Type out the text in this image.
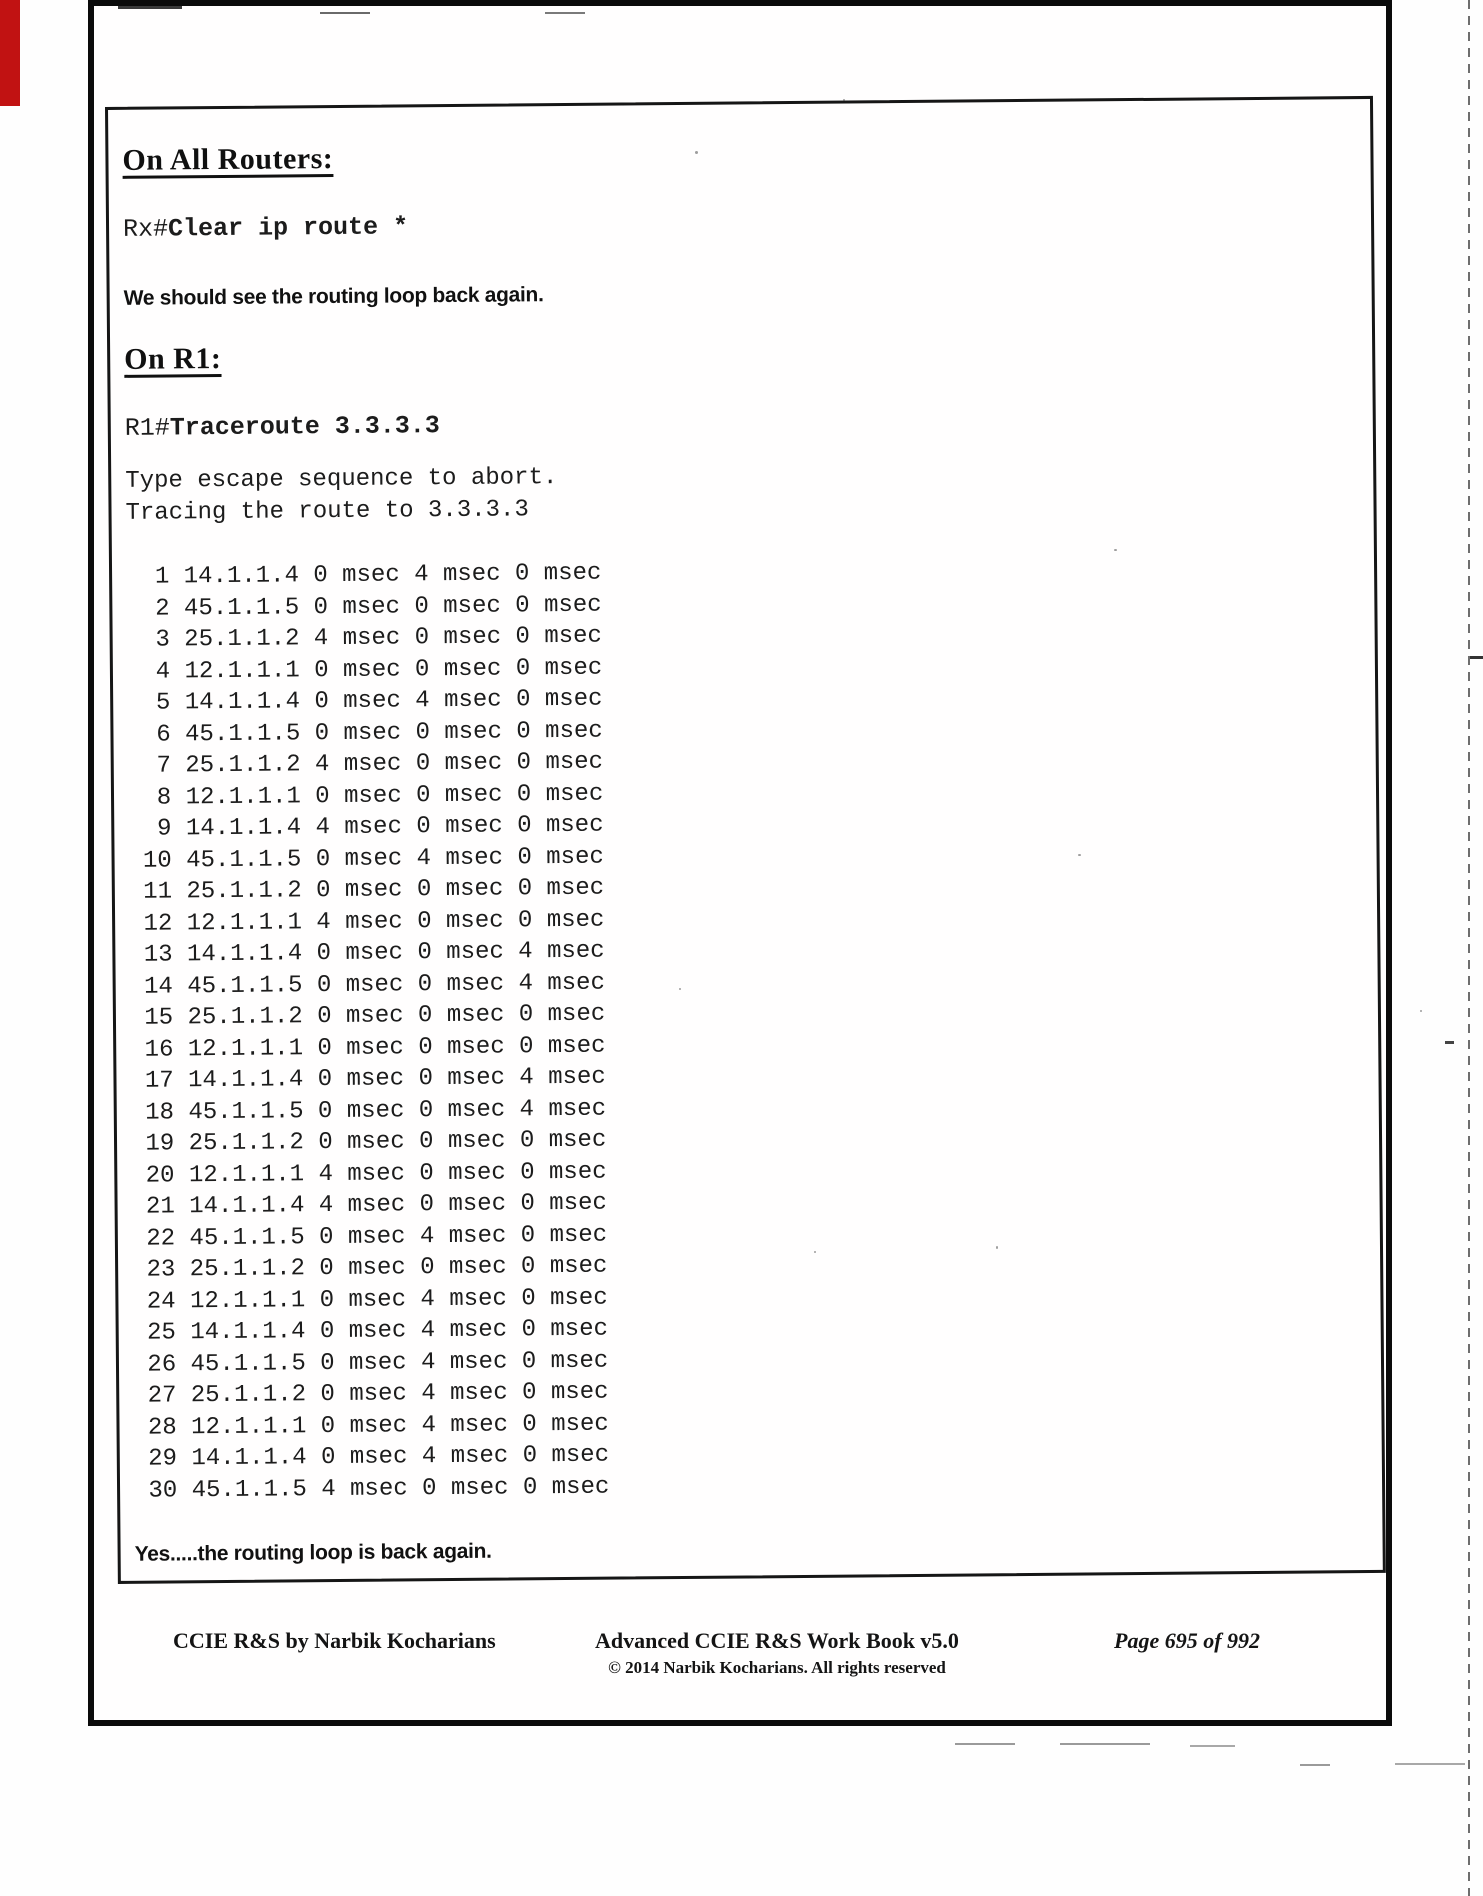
On All Routers:
Rx#Clear ip route *

We should see the routing loop back again.

On R1:
R1#Traceroute 3.3.3.3
Type escape sequence to abort.
Tracing the route to 3.3.3.3
1 14.1.1.4 0 msec 4 msec 0 msec
2 45.1.1.5 0 msec 0 msec 0 msec
3 25.1.1.2 4 msec 0 msec 0 msec
4 12.1.1.1 0 msec 0 msec 0 msec
5 14.1.1.4 0 msec 4 msec 0 msec
6 45.1.1.5 0 msec 0 msec 0 msec
7 25.1.1.2 4 msec 0 msec 0 msec
8 12.1.1.1 0 msec 0 msec 0 msec
9 14.1.1.4 4 msec 0 msec 0 msec
10 45.1.1.5 0 msec 4 msec 0 msec
11 25.1.1.2 0 msec 0 msec 0 msec
12 12.1.1.1 4 msec 0 msec 0 msec
13 14.1.1.4 0 msec 0 msec 4 msec
14 45.1.1.5 0 msec 0 msec 4 msec
15 25.1.1.2 0 msec 0 msec 0 msec
16 12.1.1.1 0 msec 0 msec 0 msec
17 14.1.1.4 0 msec 0 msec 4 msec
18 45.1.1.5 0 msec 0 msec 4 msec
19 25.1.1.2 0 msec 0 msec 0 msec
20 12.1.1.1 4 msec 0 msec 0 msec
21 14.1.1.4 4 msec 0 msec 0 msec
22 45.1.1.5 0 msec 4 msec 0 msec
23 25.1.1.2 0 msec 0 msec 0 msec
24 12.1.1.1 0 msec 4 msec 0 msec
25 14.1.1.4 0 msec 4 msec 0 msec
26 45.1.1.5 0 msec 4 msec 0 msec
27 25.1.1.2 0 msec 4 msec 0 msec
28 12.1.1.1 0 msec 4 msec 0 msec
29 14.1.1.4 0 msec 4 msec 0 msec
30 45.1.1.5 4 msec 0 msec 0 msec

Yes.....the routing loop is back again.

CCIE R&S by Narbik Kocharians	Advanced CCIE R&S Work Book v5.0
© 2014 Narbik Kocharians. All rights reserved
Page 695 of 992
